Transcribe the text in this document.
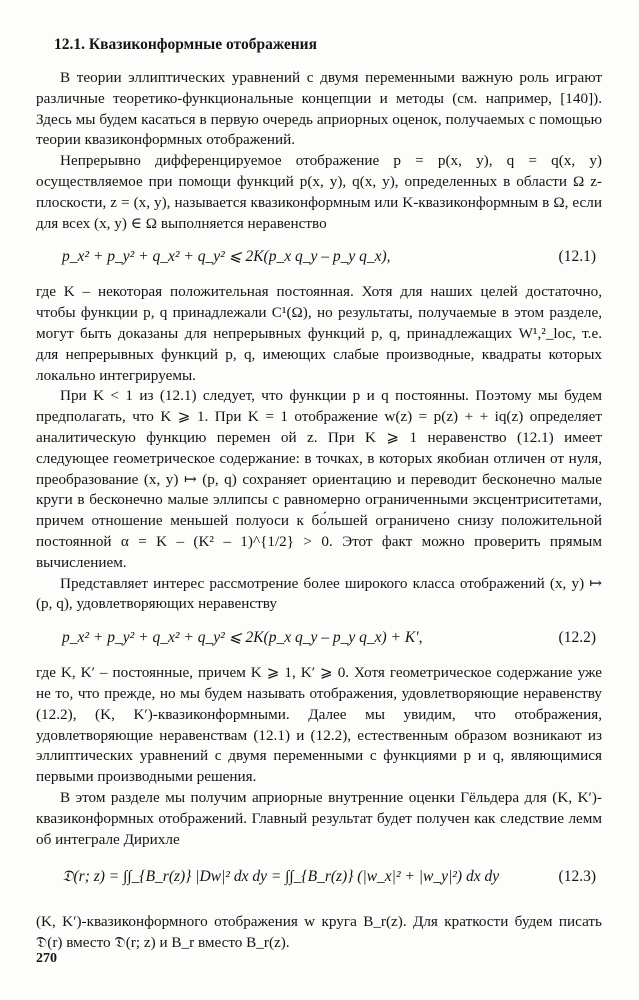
12.1. Квазиконформные отображения

В теории эллиптических уравнений с двумя переменными важную роль играют различные теоретико-функциональные концепции и методы (см. например, [140]). Здесь мы будем касаться в первую очередь априорных оценок, получаемых с помощью теории квазиконформных отображений.

Непрерывно дифференцируемое отображение p = p(x, y), q = q(x, y) осуществляемое при помощи функций p(x, y), q(x, y), определенных в области Ω z-плоскости, z = (x, y), называется квазиконформным или K-квазиконформным в Ω, если для всех (x, y) ∈ Ω выполняется неравенство

p_x² + p_y² + q_x² + q_y² ⩽ 2K(p_x q_y – p_y q_x),	(12.1)

где K – некоторая положительная постоянная. Хотя для наших целей достаточно, чтобы функции p, q принадлежали C¹(Ω), но результаты, получаемые в этом разделе, могут быть доказаны для непрерывных функций p, q, принадлежащих W¹,²_loc, т.е. для непрерывных функций p, q, имеющих слабые производные, квадраты которых локально интегрируемы.

При K < 1 из (12.1) следует, что функции p и q постоянны. Поэтому мы будем предполагать, что K ⩾ 1. При K = 1 отображение w(z) = p(z) + + iq(z) определяет аналитическую функцию перемен ой z. При K ⩾ 1 неравенство (12.1) имеет следующее геометрическое содержание: в точках, в которых якобиан отличен от нуля, преобразование (x, y) ↦ (p, q) сохраняет ориентацию и переводит бесконечно малые круги в бесконечно малые эллипсы с равномерно ограниченными эксцентриситетами, причем отношение меньшей полуоси к бо́льшей ограничено снизу положительной постоянной α = K – (K² – 1)^{1/2} > 0. Этот факт можно проверить прямым вычислением.

Представляет интерес рассмотрение более широкого класса отображений (x, y) ↦ (p, q), удовлетворяющих неравенству

p_x² + p_y² + q_x² + q_y² ⩽ 2K(p_x q_y – p_y q_x) + K′,	(12.2)

где K, K′ – постоянные, причем K ⩾ 1, K′ ⩾ 0. Хотя геометрическое содержание уже не то, что прежде, но мы будем называть отображения, удовлетворяющие неравенству (12.2), (K, K′)-квазиконформными. Далее мы увидим, что отображения, удовлетворяющие неравенствам (12.1) и (12.2), естественным образом возникают из эллиптических уравнений с двумя переменными с функциями p и q, являющимися первыми производными решения.

В этом разделе мы получим априорные внутренние оценки Гёльдера для (K, K′)-квазиконформных отображений. Главный результат будет получен как следствие лемм об интеграле Дирихле

𝔇(r; z) = ∫∫_{B_r(z)} |Dw|² dx dy = ∫∫_{B_r(z)} (|w_x|² + |w_y|²) dx dy	(12.3)

(K, K′)-квазиконформного отображения w круга B_r(z). Для краткости будем писать 𝔇(r) вместо 𝔇(r; z) и B_r вместо B_r(z).

270
